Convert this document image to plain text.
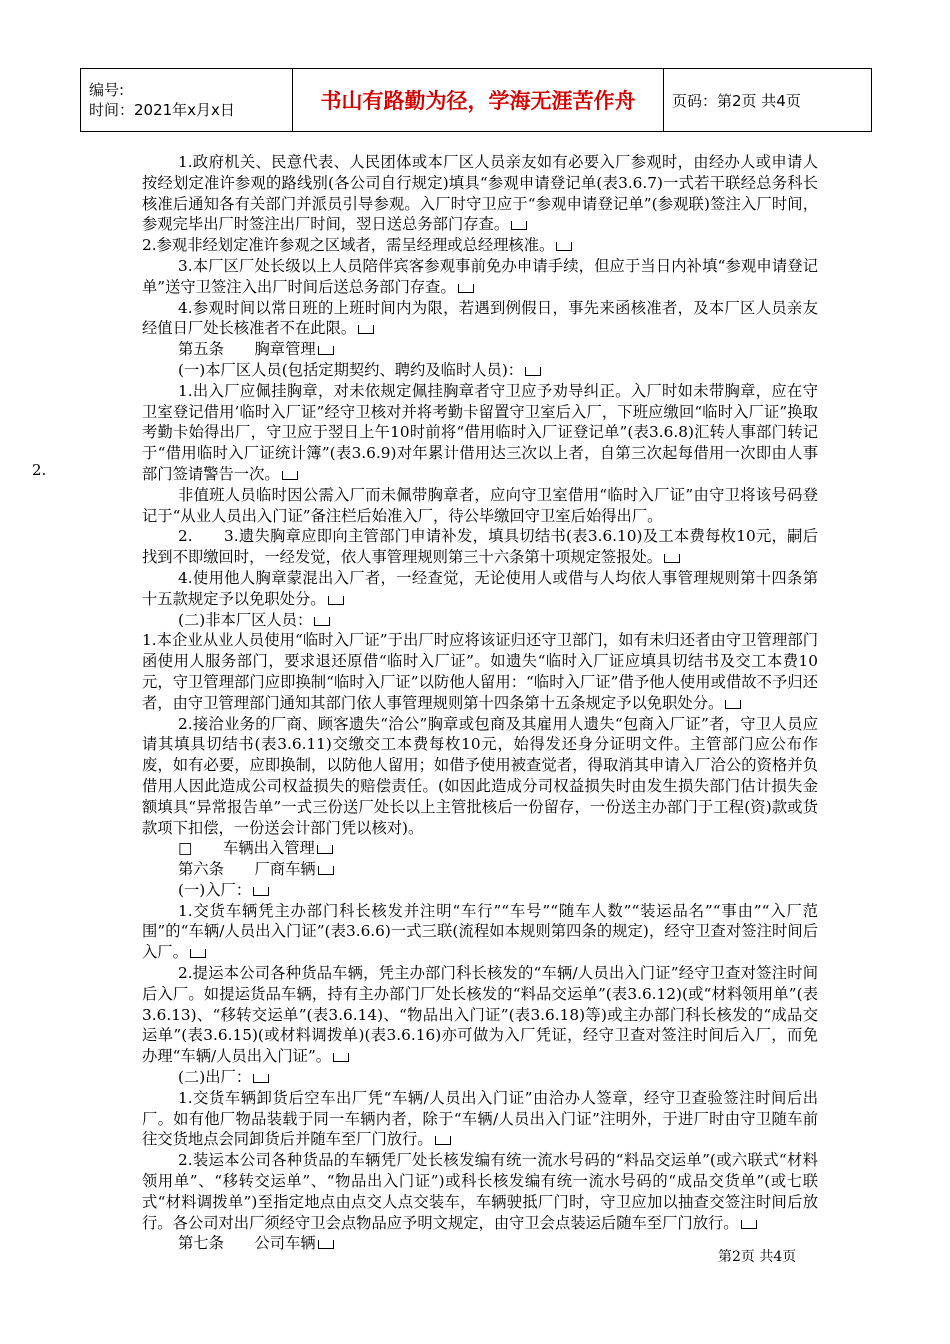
编号:
时间：2021年x月x日	书山有路勤为径，学海无涯苦作舟	页码：第2页 共4页
2.

1.政府机关、民意代表、人民团体或本厂区人员亲友如有必要入厂参观时，由经办人或申请人按经划定准许参观的路线别(各公司自行规定)填具“参观申请登记单(表3.6.7)一式若干联经总务科长核准后通知各有关部门并派员引导参观。入厂时守卫应于“参观申请登记单”(参观联)签注入厂时间，参观完毕出厂时签注出厂时间，翌日送总务部门存查。

2.参观非经划定准许参观之区域者，需呈经理或总经理核准。

3.本厂区厂处长级以上人员陪伴宾客参观事前免办申请手续，但应于当日内补填“参观申请登记单”送守卫签注入出厂时间后送总务部门存查。

4.参观时间以常日班的上班时间内为限，若遇到例假日，事先来函核准者，及本厂区人员亲友经值日厂处长核准者不在此限。

第五条　　胸章管理

(一)本厂区人员(包括定期契约、聘约及临时人员)：

1.出入厂应佩挂胸章，对未依规定佩挂胸章者守卫应予劝导纠正。入厂时如未带胸章，应在守卫室登记借用’临时入厂证”经守卫核对并将考勤卡留置守卫室后入厂，下班应缴回“临时入厂证”换取考勤卡始得出厂，守卫应于翌日上午10时前将“借用临时入厂证登记单”(表3.6.8)汇转人事部门转记于“借用临时入厂证统计簿”(表3.6.9)对年累计借用达三次以上者，自第三次起每借用一次即由人事部门签请警告一次。

非值班人员临时因公需入厂而未佩带胸章者，应向守卫室借用“临时入厂证”由守卫将该号码登记于“从业人员出入门证”备注栏后始准入厂，待公毕缴回守卫室后始得出厂。

2.　　3.遗失胸章应即向主管部门申请补发，填具切结书(表3.6.10)及工本费每枚10元，嗣后找到不即缴回时，一经发觉，依人事管理规则第三十六条第十项规定签报处。

4.使用他人胸章蒙混出入厂者，一经查觉，无论使用人或借与人均依人事管理规则第十四条第十五款规定予以免职处分。

(二)非本厂区人员：

1.本企业从业人员使用“临时入厂证”于出厂时应将该证归还守卫部门，如有未归还者由守卫管理部门函使用人服务部门，要求退还原借“临时入厂证”。如遗失“临时入厂证应填具切结书及交工本费10元，守卫管理部门应即换制“临时入厂证”以防他人留用：“临时入厂证”借予他人使用或借故不予归还者，由守卫管理部门通知其部门依人事管理规则第十四条第十五条规定予以免职处分。

2.接洽业务的厂商、顾客遗失“洽公”胸章或包商及其雇用人遗失“包商入厂证”者，守卫人员应请其填具切结书(表3.6.11)交缴交工本费每枚10元，始得发还身分证明文件。主管部门应公布作废，如有必要，应即换制，以防他人留用；如借予使用被查觉者，得取消其申请入厂洽公的资格并负借用人因此造成公司权益损失的赔偿责任。(如因此造成分司权益损失时由发生损失部门估计损失金额填具“异常报告单”一式三份送厂处长以上主管批核后一份留存，一份送主办部门于工程(资)款或货款项下扣偿，一份送会计部门凭以核对)。

□　　车辆出入管理

第六条　　厂商车辆

(一)入厂：

1.交货车辆凭主办部门科长核发并注明“车行”“车号”“随车人数”“装运品名”“事由”“入厂范围”的“车辆/人员出入门证”(表3.6.6)一式三联(流程如本规则第四条的规定)，经守卫查对签注时间后入厂。

2.提运本公司各种货品车辆，凭主办部门科长核发的“车辆/人员出入门证”经守卫查对签注时间后入厂。如提运货品车辆，持有主办部门厂处长核发的“料品交运单”(表3.6.12)(或“材料领用单”(表3.6.13)、“移转交运单”(表3.6.14)、“物品出入门证”(表3.6.18)等)或主办部门科长核发的“成品交运单”(表3.6.15)(或材料调拨单)(表3.6.16)亦可做为入厂凭证，经守卫查对签注时间后入厂，而免办理“车辆/人员出入门证”。

(二)出厂：

1.交货车辆卸货后空车出厂凭“车辆/人员出入门证”由洽办人签章，经守卫查验签注时间后出厂。如有他厂物品装载于同一车辆内者，除于“车辆/人员出入门证”注明外，于进厂时由守卫随车前往交货地点会同卸货后并随车至厂门放行。

2.装运本公司各种货品的车辆凭厂处长核发编有统一流水号码的“料品交运单”(或六联式“材料领用单”、“移转交运单”、“物品出入门证”)或科长核发编有统一流水号码的“成品交货单”(或七联式“材料调拨单”)至指定地点由点交人点交装车，车辆驶抵厂门时，守卫应加以抽查交签注时间后放行。各公司对出厂须经守卫会点物品应予明文规定，由守卫会点装运后随车至厂门放行。

第七条　　公司车辆

第2页 共4页
